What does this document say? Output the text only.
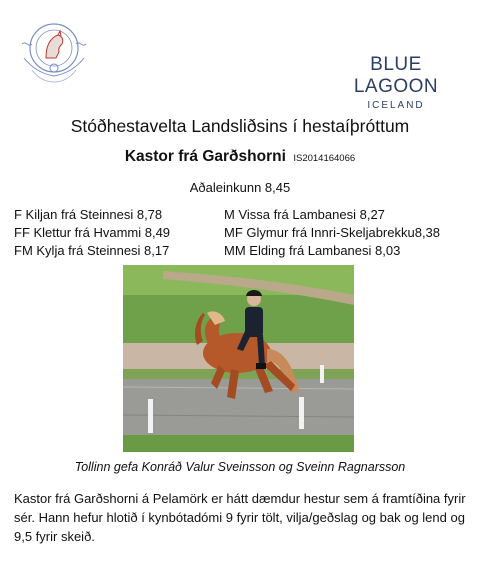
BLUE LAGOON
ICELAND
Stóðhestavelta Landsliðsins í hestaíþróttum
Kastor frá Garðshorni IS2014164066
Aðaleinkunn 8,45
F Kiljan frá Steinnesi 8,78
FF Klettur frá Hvammi 8,49
FM Kylja frá Steinnesi 8,17
M Vissa frá Lambanesi 8,27
MF Glymur frá Innri-Skeljabrekku8,38
MM Elding frá Lambanesi 8,03
Tollinn gefa Konráð Valur Sveinsson og Sveinn Ragnarsson
Kastor frá Garðshorni á Pelamörk er hátt dæmdur hestur sem á framtíðina fyrir sér. Hann hefur hlotið í kynbótadómi 9 fyrir tölt, vilja/geðslag og bak og lend og 9,5 fyrir skeið.
